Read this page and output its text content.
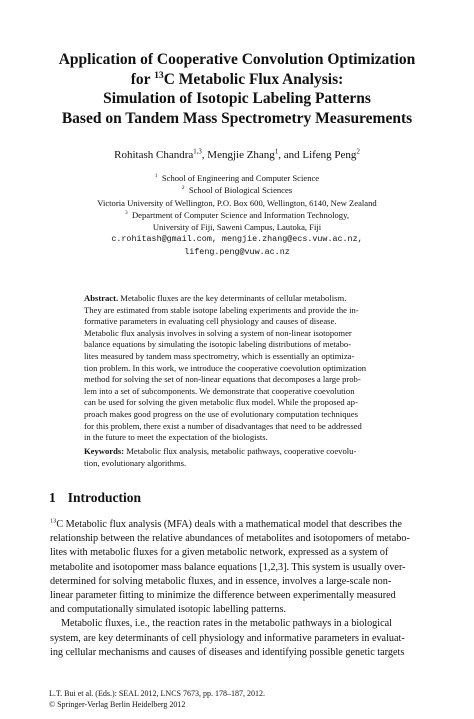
Application of Cooperative Convolution Optimization
for $^{13}$C Metabolic Flux Analysis:
Simulation of Isotopic Labeling Patterns
Based on Tandem Mass Spectrometry Measurements
Rohitash Chandra$^{1,3}$, Mengjie Zhang$^1$, and Lifeng Peng$^2$
$^1$ School of Engineering and Computer Science
$^2$ School of Biological Sciences
Victoria University of Wellington, P.O. Box 600, Wellington, 6140, New Zealand
$^3$ Department of Computer Science and Information Technology,
University of Fiji, Saweni Campus, Lautoka, Fiji
c.rohitash@gmail.com, mengjie.zhang@ecs.vuw.ac.nz,
lifeng.peng@vuw.ac.nz
Abstract. Metabolic fluxes are the key determinants of cellular metabolism.
They are estimated from stable isotope labeling experiments and provide the in-
formative parameters in evaluating cell physiology and causes of disease.
Metabolic flux analysis involves in solving a system of non-linear isotopomer
balance equations by simulating the isotopic labeling distributions of metabo-
lites measured by tandem mass spectrometry, which is essentially an optimiza-
tion problem. In this work, we introduce the cooperative coevolution optimization
method for solving the set of non-linear equations that decomposes a large prob-
lem into a set of subcomponents. We demonstrate that cooperative coevolution
can be used for solving the given metabolic flux model. While the proposed ap-
proach makes good progress on the use of evolutionary computation techniques
for this problem, there exist a number of disadvantages that need to be addressed
in the future to meet the expectation of the biologists.
Keywords: Metabolic flux analysis, metabolic pathways, cooperative coevolu-
tion, evolutionary algorithms.
1 Introduction
$^{13}$C Metabolic flux analysis (MFA) deals with a mathematical model that describes the
relationship between the relative abundances of metabolites and isotopomers of metabo-
lites with metabolic fluxes for a given metabolic network, expressed as a system of
metabolite and isotopomer mass balance equations [1,2,3]. This system is usually over-
determined for solving metabolic fluxes, and in essence, involves a large-scale non-
linear parameter fitting to minimize the difference between experimentally measured
and computationally simulated isotopic labelling patterns.
Metabolic fluxes, i.e., the reaction rates in the metabolic pathways in a biological
system, are key determinants of cell physiology and informative parameters in evaluat-
ing cellular mechanisms and causes of diseases and identifying possible genetic targets
L.T. Bui et al. (Eds.): SEAL 2012, LNCS 7673, pp. 178–187, 2012.
© Springer-Verlag Berlin Heidelberg 2012
